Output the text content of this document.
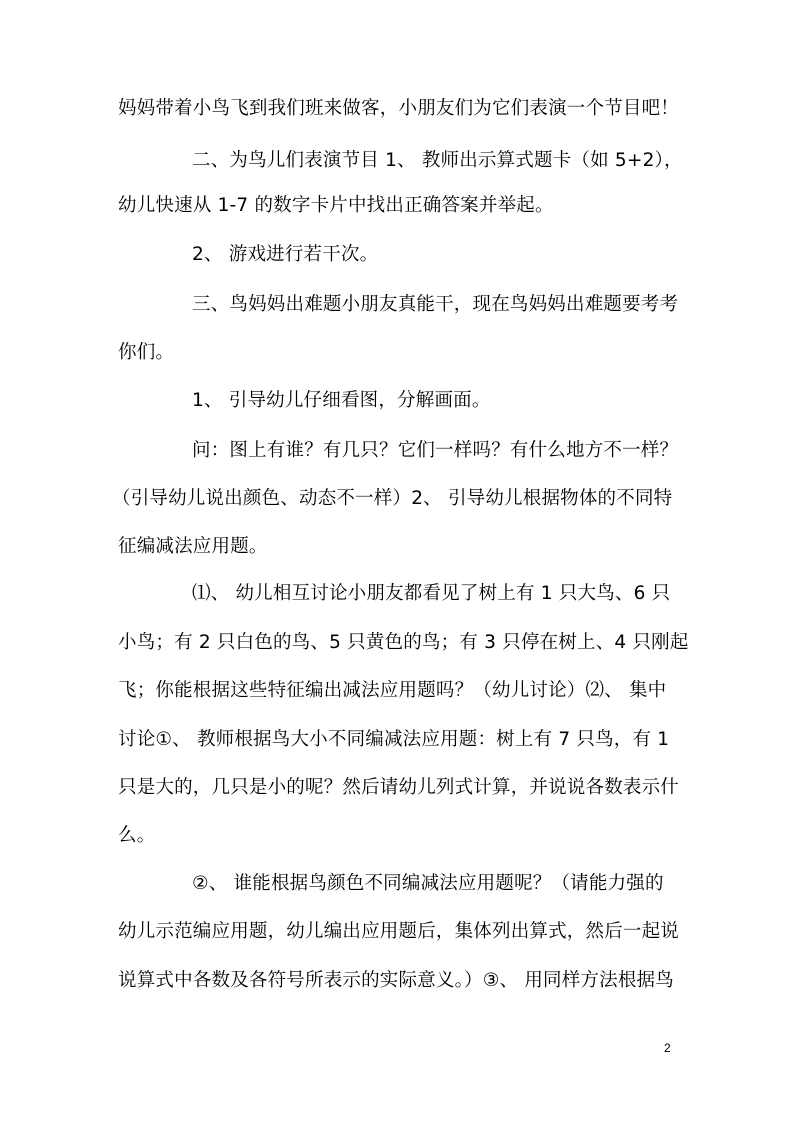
妈妈带着小鸟飞到我们班来做客，小朋友们为它们表演一个节目吧！
二、为鸟儿们表演节目 1、 教师出示算式题卡（如 5+2），
幼儿快速从 1-7 的数字卡片中找出正确答案并举起。
2、 游戏进行若干次。
三、鸟妈妈出难题小朋友真能干，现在鸟妈妈出难题要考考
你们。
1、 引导幼儿仔细看图，分解画面。
问：图上有谁？有几只？它们一样吗？有什么地方不一样？
（引导幼儿说出颜色、动态不一样）2、 引导幼儿根据物体的不同特
征编减法应用题。
⑴、 幼儿相互讨论小朋友都看见了树上有 1 只大鸟、6 只
小鸟；有 2 只白色的鸟、5 只黄色的鸟；有 3 只停在树上、4 只刚起
飞；你能根据这些特征编出减法应用题吗？（幼儿讨论）⑵、 集中
讨论①、 教师根据鸟大小不同编减法应用题：树上有 7 只鸟，有 1
只是大的，几只是小的呢？然后请幼儿列式计算，并说说各数表示什
么。
②、 谁能根据鸟颜色不同编减法应用题呢？（请能力强的
幼儿示范编应用题，幼儿编出应用题后，集体列出算式，然后一起说
说算式中各数及各符号所表示的实际意义。）③、 用同样方法根据鸟
2
